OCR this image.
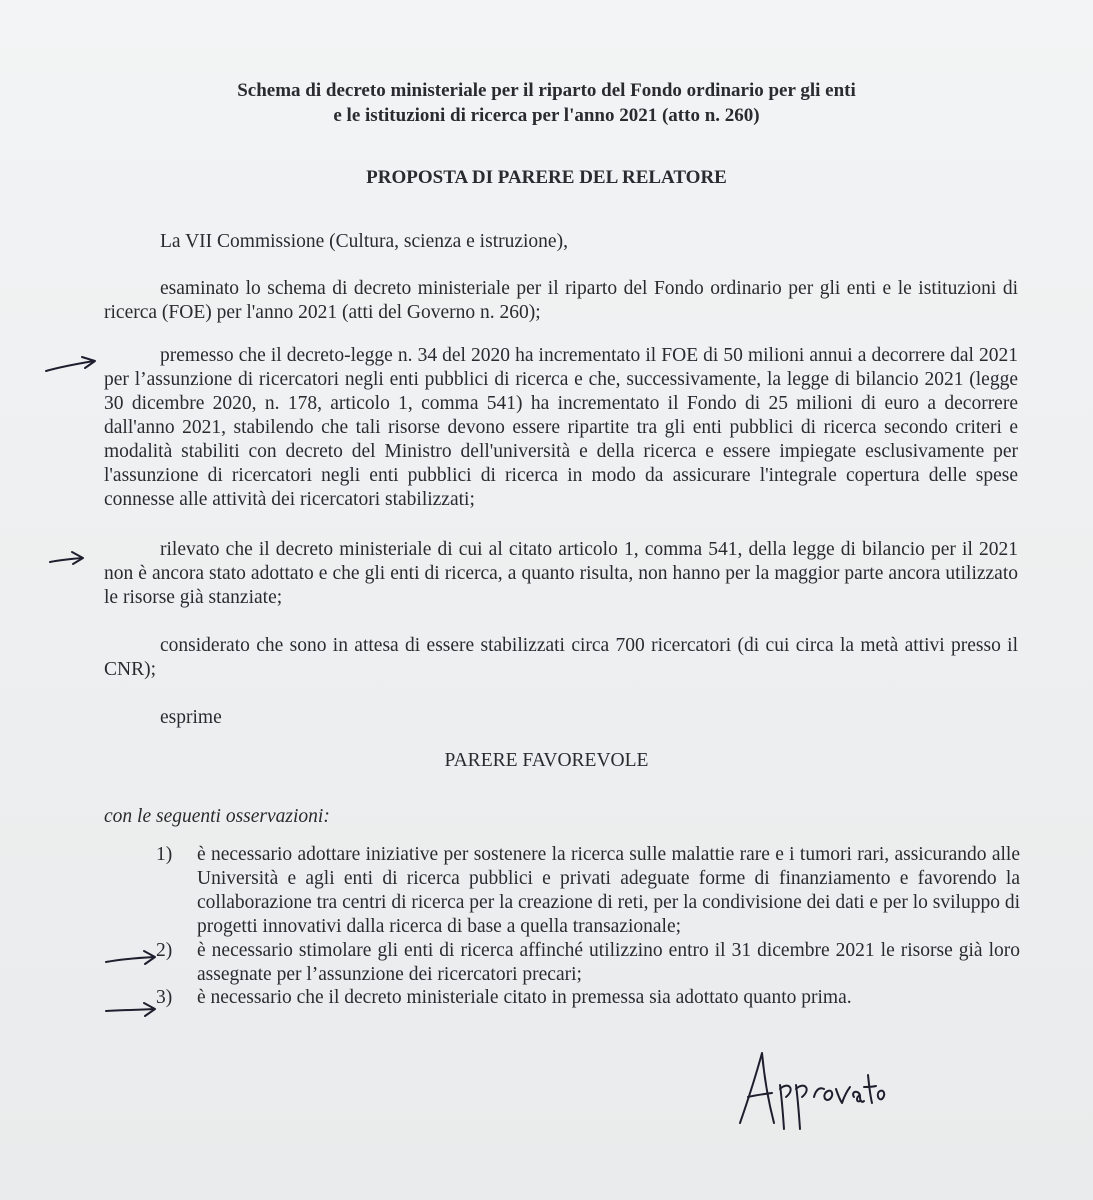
Schema di decreto ministeriale per il riparto del Fondo ordinario per gli enti
e le istituzioni di ricerca per l'anno 2021 (atto n. 260)
PROPOSTA DI PARERE DEL RELATORE
La VII Commissione (Cultura, scienza e istruzione),
esaminato lo schema di decreto ministeriale per il riparto del Fondo ordinario per gli enti e le istituzioni di ricerca (FOE) per l'anno 2021 (atti del Governo n. 260);
premesso che il decreto-legge n. 34 del 2020 ha incrementato il FOE di 50 milioni annui a decorrere dal 2021 per l’assunzione di ricercatori negli enti pubblici di ricerca e che, successivamente, la legge di bilancio 2021 (legge 30 dicembre 2020, n. 178, articolo 1, comma 541) ha incrementato il Fondo di 25 milioni di euro a decorrere dall'anno 2021, stabilendo che tali risorse devono essere ripartite tra gli enti pubblici di ricerca secondo criteri e modalità stabiliti con decreto del Ministro dell'università e della ricerca e essere impiegate esclusivamente per l'assunzione di ricercatori negli enti pubblici di ricerca in modo da assicurare l'integrale copertura delle spese connesse alle attività dei ricercatori stabilizzati;
rilevato che il decreto ministeriale di cui al citato articolo 1, comma 541, della legge di bilancio per il 2021 non è ancora stato adottato e che gli enti di ricerca, a quanto risulta, non hanno per la maggior parte ancora utilizzato le risorse già stanziate;
considerato che sono in attesa di essere stabilizzati circa 700 ricercatori (di cui circa la metà attivi presso il CNR);
esprime
PARERE FAVOREVOLE
con le seguenti osservazioni:
1)	è necessario adottare iniziative per sostenere la ricerca sulle malattie rare e i tumori rari, assicurando alle Università e agli enti di ricerca pubblici e privati adeguate forme di finanziamento e favorendo la collaborazione tra centri di ricerca per la creazione di reti, per la condivisione dei dati e per lo sviluppo di progetti innovativi dalla ricerca di base a quella transazionale;
2)	è necessario stimolare gli enti di ricerca affinché utilizzino entro il 31 dicembre 2021 le risorse già loro assegnate per l’assunzione dei ricercatori precari;
3)	è necessario che il decreto ministeriale citato in premessa sia adottato quanto prima.
